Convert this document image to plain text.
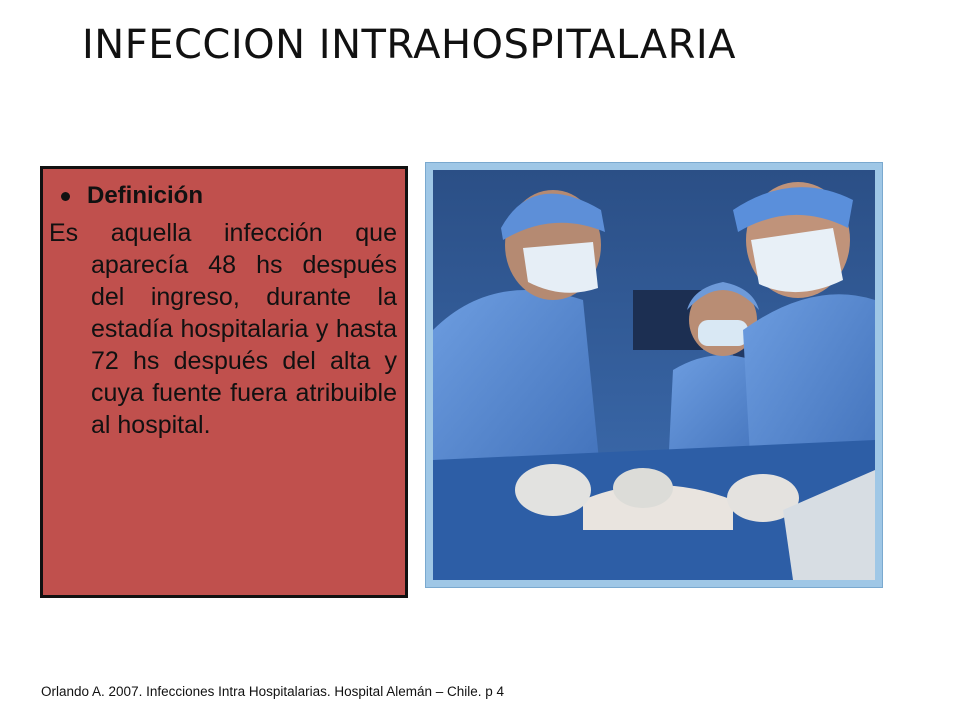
INFECCION INTRAHOSPITALARIA
Definición
Es aquella infección que aparecía 48 hs después del ingreso, durante la estadía hospitalaria y hasta 72 hs después del alta y cuya fuente fuera atribuible al hospital.
Orlando A. 2007. Infecciones Intra Hospitalarias. Hospital Alemán – Chile. p 4
